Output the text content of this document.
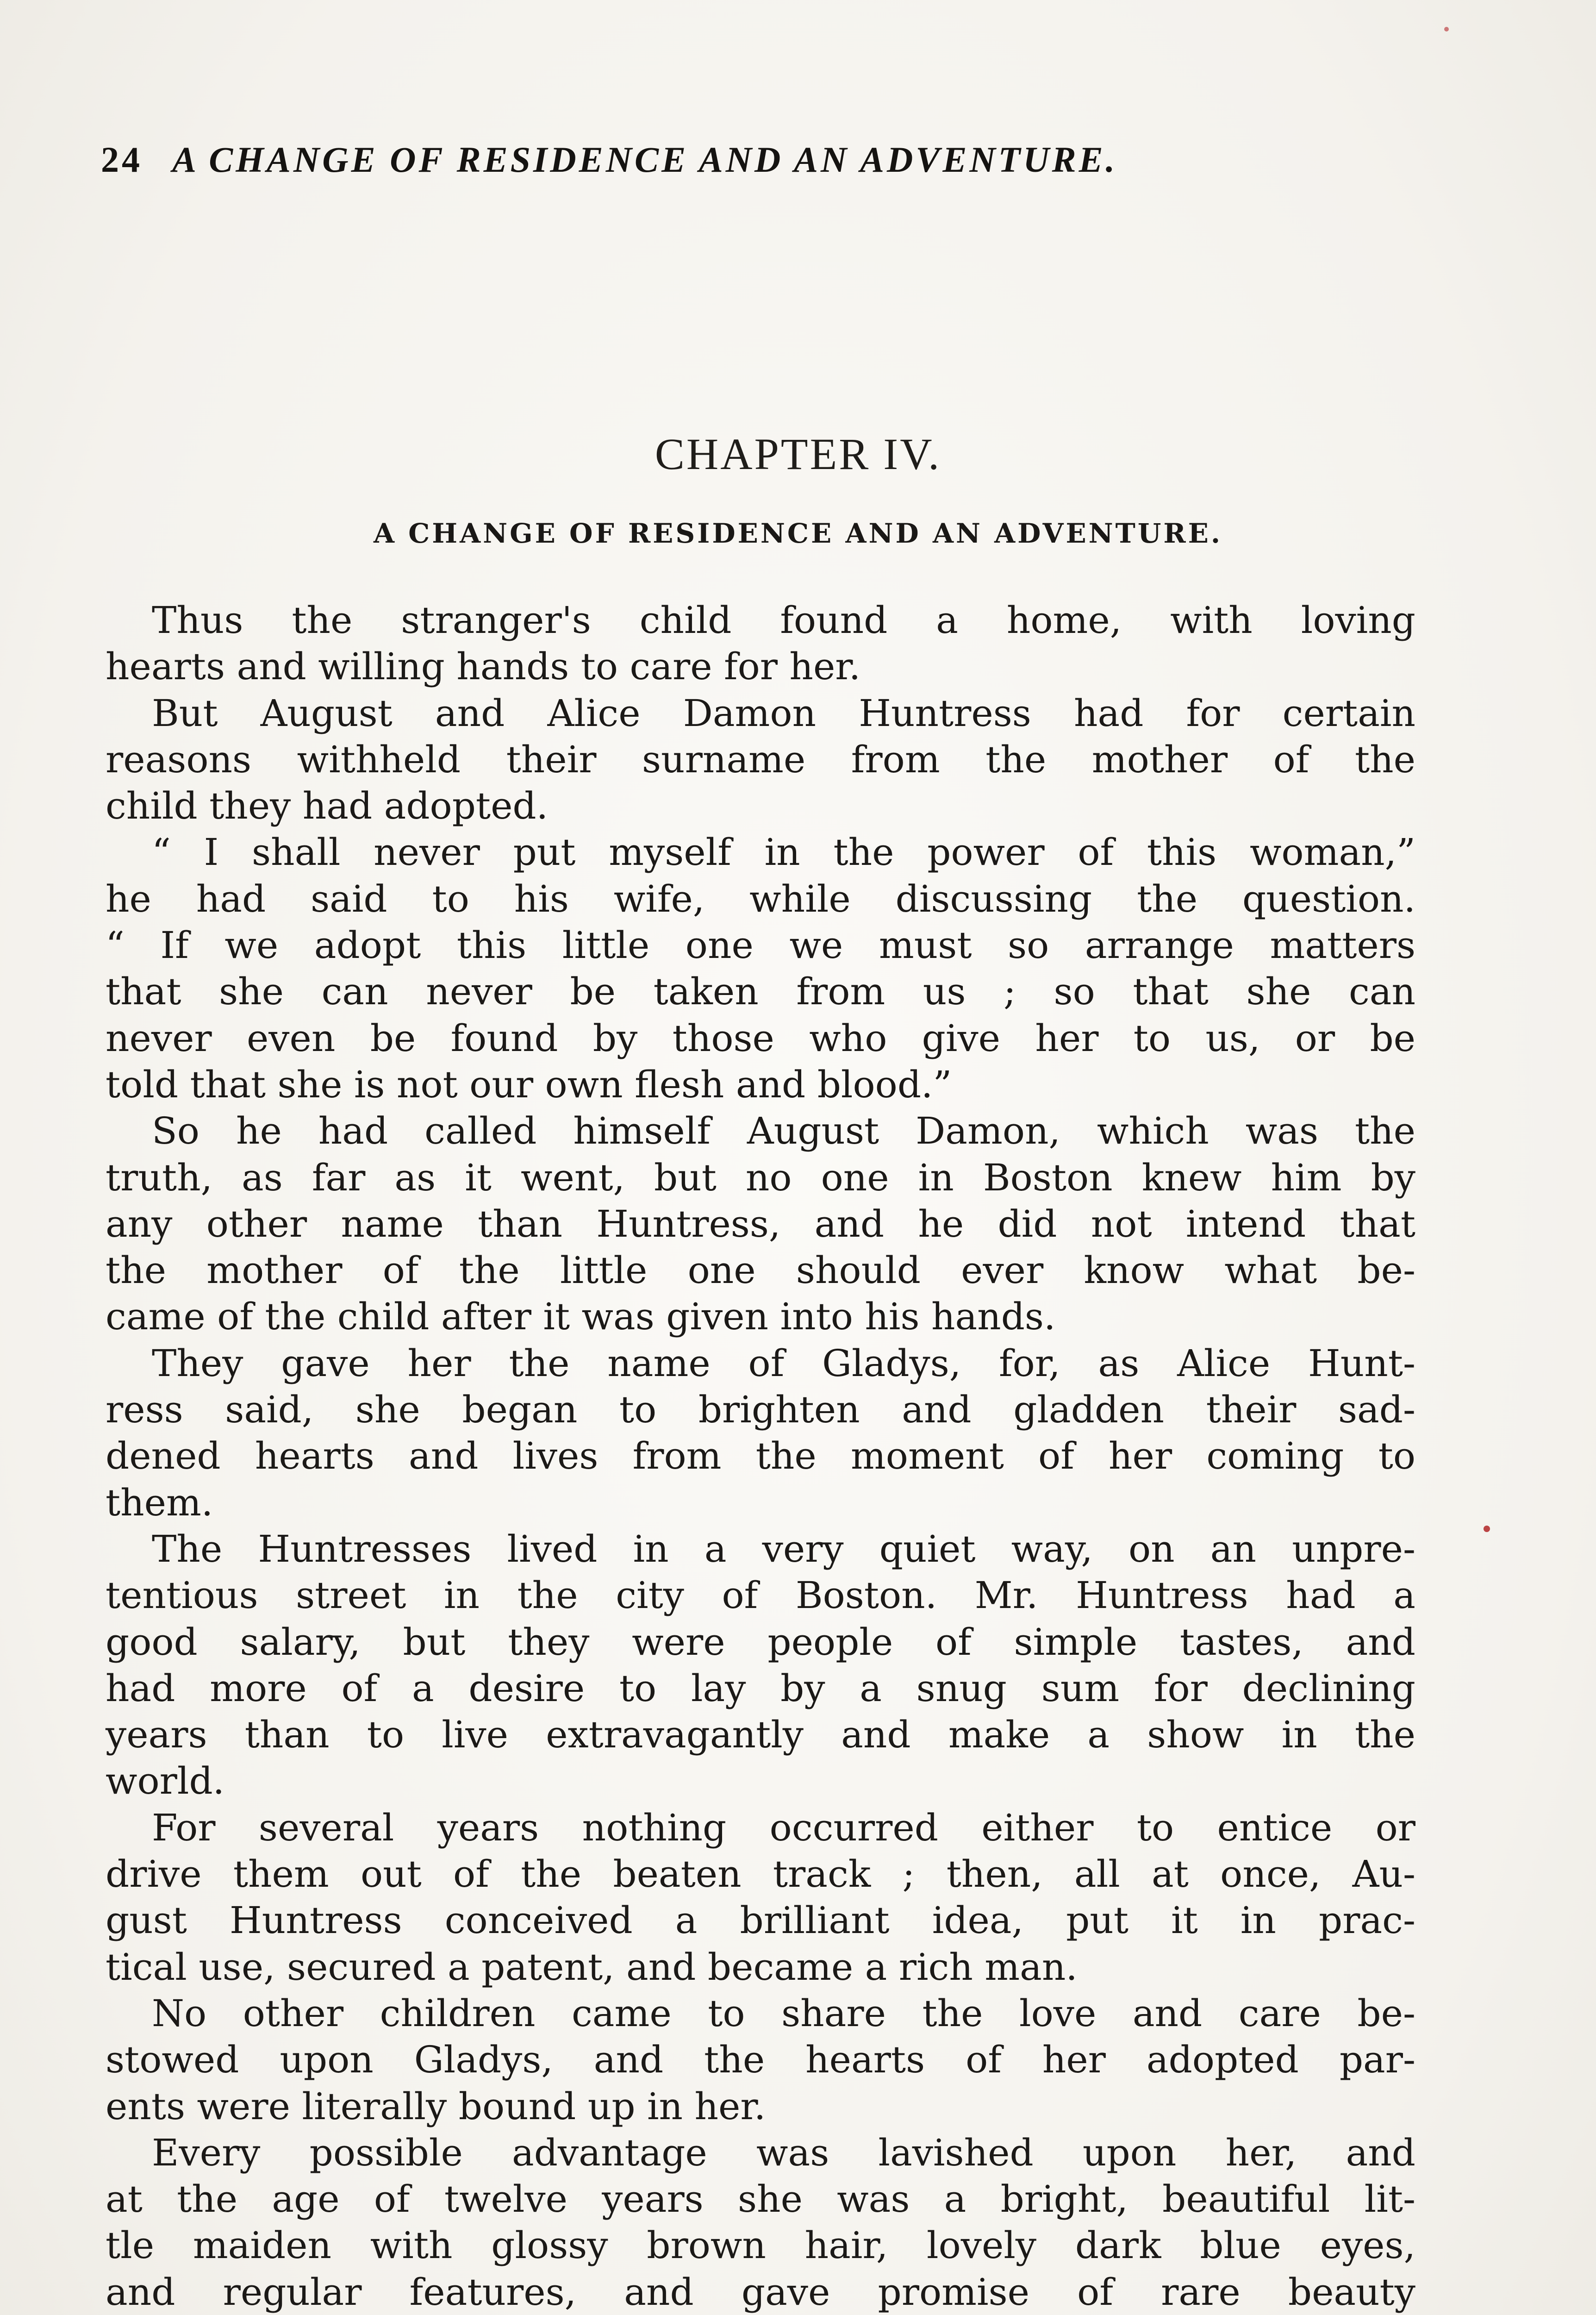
24 A CHANGE OF RESIDENCE AND AN ADVENTURE.
CHAPTER IV.
A CHANGE OF RESIDENCE AND AN ADVENTURE.
Thus the stranger's child found a home, with loving
hearts and willing hands to care for her.
But August and Alice Damon Huntress had for certain
reasons withheld their surname from the mother of the
child they had adopted.
“ I shall never put myself in the power of this woman,”
he had said to his wife, while discussing the question.
“ If we adopt this little one we must so arrange matters
that she can never be taken from us ; so that she can
never even be found by those who give her to us, or be
told that she is not our own flesh and blood.”
So he had called himself August Damon, which was the
truth, as far as it went, but no one in Boston knew him by
any other name than Huntress, and he did not intend that
the mother of the little one should ever know what be-
came of the child after it was given into his hands.
They gave her the name of Gladys, for, as Alice Hunt-
ress said, she began to brighten and gladden their sad-
dened hearts and lives from the moment of her coming to
them.
The Huntresses lived in a very quiet way, on an unpre-
tentious street in the city of Boston. Mr. Huntress had a
good salary, but they were people of simple tastes, and
had more of a desire to lay by a snug sum for declining
years than to live extravagantly and make a show in the
world.
For several years nothing occurred either to entice or
drive them out of the beaten track ; then, all at once, Au-
gust Huntress conceived a brilliant idea, put it in prac-
tical use, secured a patent, and became a rich man.
No other children came to share the love and care be-
stowed upon Gladys, and the hearts of her adopted par-
ents were literally bound up in her.
Every possible advantage was lavished upon her, and
at the age of twelve years she was a bright, beautiful lit-
tle maiden with glossy brown hair, lovely dark blue eyes,
and regular features, and gave promise of rare beauty
